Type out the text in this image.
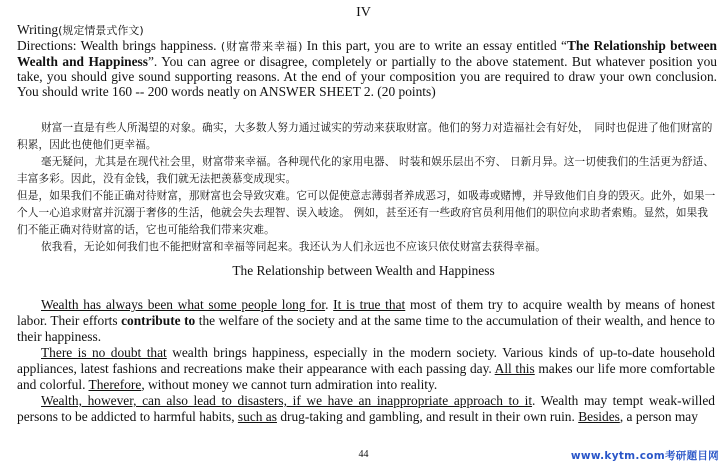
IV
Writing(规定情景式作文)
Directions: Wealth brings happiness. (财富带来幸福) In this part, you are to write an essay entitled “The Relationship between Wealth and Happiness”. You can agree or disagree, completely or partially to the above statement. But whatever position you take, you should give sound supporting reasons. At the end of your composition you are required to draw your own conclusion. You should write 160 -- 200 words neatly on ANSWER SHEET 2. (20 points)

财富一直是有些人所渴望的对象。确实，大多数人努力通过诚实的劳动来获取财富。他们的努力对造福社会有好处，　同时也促进了他们财富的积累，因此也使他们更幸福。

毫无疑问，尤其是在现代社会里，财富带来幸福。各种现代化的家用电器、 时装和娱乐层出不穷、 日新月异。这一切使我们的生活更为舒适、丰富多彩。因此，没有金钱，我们就无法把羡慕变成现实。

但是，如果我们不能正确对待财富，那财富也会导致灾难。它可以促使意志薄弱者养成恶习，如吸毒或赌博，并导致他们自身的毁灭。此外，如果一个人一心追求财富并沉溺于奢侈的生活，他就会失去理智、误入岐途。 例如，甚至还有一些政府官员利用他们的职位向求助者索贿。显然，如果我们不能正确对待财富的话，它也可能给我们带来灾难。

依我看，无论如何我们也不能把财富和幸福等同起来。我还认为人们永远也不应该只依仗财富去获得幸福。

The Relationship between Wealth and Happiness

Wealth has always been what some people long for. It is true that most of them try to acquire wealth by means of honest labor. Their efforts contribute to the welfare of the society and at the same time to the accumulation of their wealth, and hence to their happiness.

There is no doubt that wealth brings happiness, especially in the modern society. Various kinds of up-to-date household appliances, latest fashions and recreations make their appearance with each passing day. All this makes our life more comfortable and colorful. Therefore, without money we cannot turn admiration into reality.

Wealth, however, can also lead to disasters, if we have an inappropriate approach to it. Wealth may tempt weak-willed persons to be addicted to harmful habits, such as drug-taking and gambling, and result in their own ruin. Besides, a person may

44	www.kytm.com考研题目网
